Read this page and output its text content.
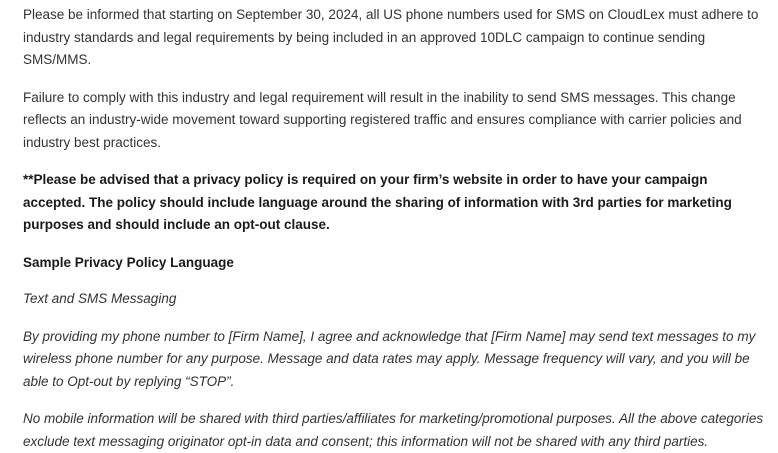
Please be informed that starting on September 30, 2024, all US phone numbers used for SMS on CloudLex must adhere to industry standards and legal requirements by being included in an approved 10DLC campaign to continue sending SMS/MMS.

Failure to comply with this industry and legal requirement will result in the inability to send SMS messages. This change reflects an industry-wide movement toward supporting registered traffic and ensures compliance with carrier policies and industry best practices.

**Please be advised that a privacy policy is required on your firm’s website in order to have your campaign accepted. The policy should include language around the sharing of information with 3rd parties for marketing purposes and should include an opt-out clause.

Sample Privacy Policy Language

Text and SMS Messaging

By providing my phone number to [Firm Name], I agree and acknowledge that [Firm Name] may send text messages to my wireless phone number for any purpose. Message and data rates may apply. Message frequency will vary, and you will be able to Opt-out by replying “STOP”.

No mobile information will be shared with third parties/affiliates for marketing/promotional purposes. All the above categories exclude text messaging originator opt-in data and consent; this information will not be shared with any third parties.
